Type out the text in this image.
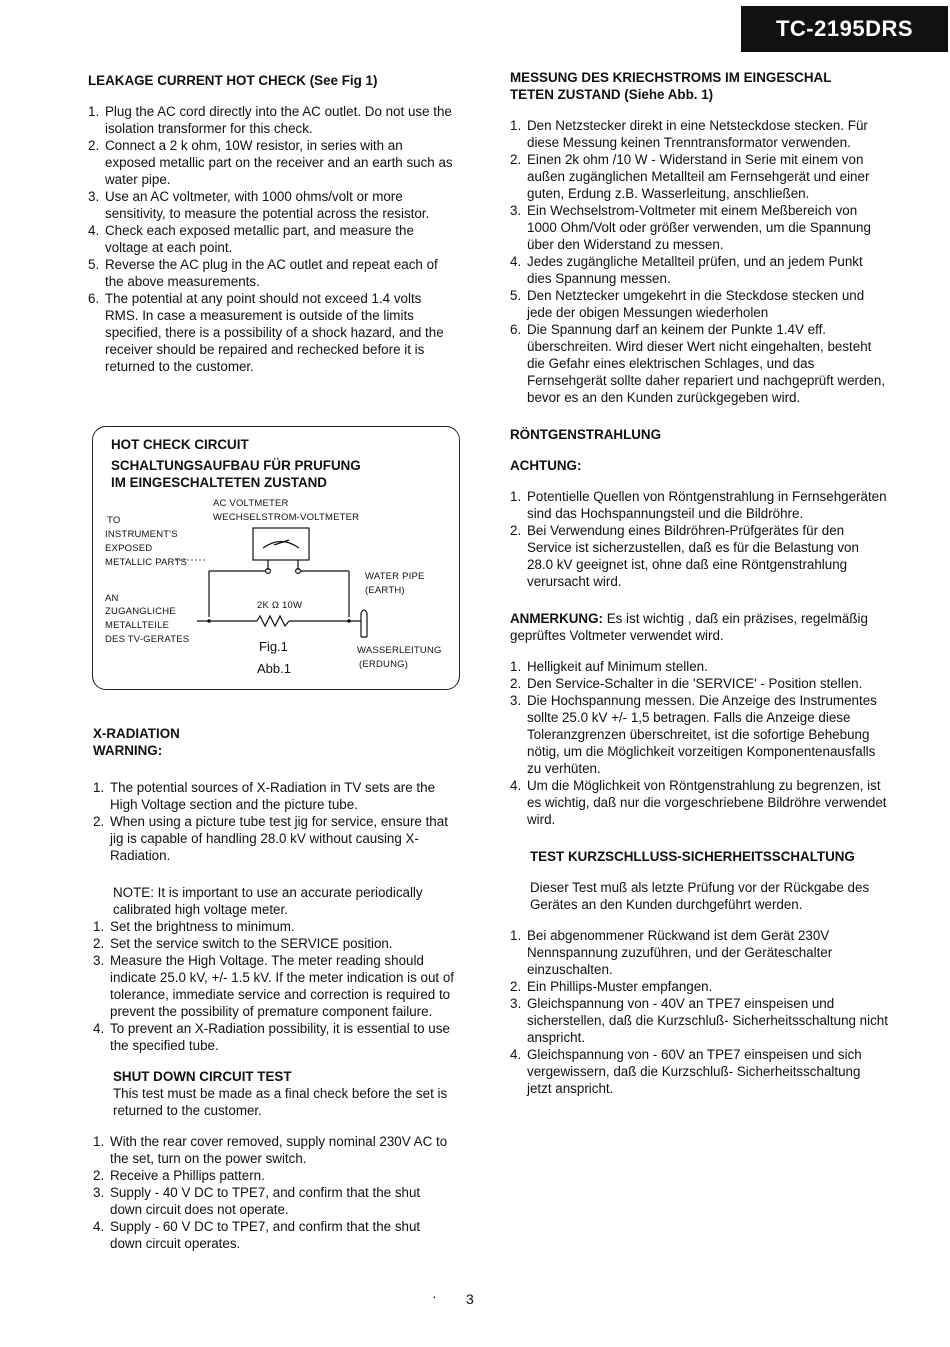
TC-2195DRS
LEAKAGE CURRENT HOT CHECK (See Fig 1)
1. Plug the AC cord directly into the AC outlet. Do not use the isolation transformer for this check.
2. Connect a 2 k ohm, 10W resistor, in series with an exposed metallic part on the receiver and an earth such as water pipe.
3. Use an AC voltmeter, with 1000 ohms/volt or more sensitivity, to measure the potential across the resistor.
4. Check each exposed metallic part, and measure the voltage at each point.
5. Reverse the AC plug in the AC outlet and repeat each of the above measurements.
6. The potential at any point should not exceed 1.4 volts RMS. In case a measurement is outside of the limits specified, there is a possibility of a shock hazard, and the receiver should be repaired and rechecked before it is returned to the customer.
HOT CHECK CIRCUIT
SCHALTUNGSAUFBAU FÜR PRUFUNG
IM EINGESCHALTETEN ZUSTAND
AC VOLTMETER
WECHSELSTROM-VOLTMETER
TO
INSTRUMENT'S
EXPOSED
METALLIC PARTS
AN
ZUGANGLICHE
METALLTEILE
DES TV-GERATES
2K Ω 10W
WATER PIPE
(EARTH)
Fig.1
Abb.1
WASSERLEITUNG
(ERDUNG)
X-RADIATION
WARNING:
1. The potential sources of X-Radiation in TV sets are the High Voltage section and the picture tube.
2. When using a picture tube test jig for service, ensure that jig is capable of handling 28.0 kV without causing X-Radiation.
NOTE: It is important to use an accurate periodically calibrated high voltage meter.
1. Set the brightness to minimum.
2. Set the service switch to the SERVICE position.
3. Measure the High Voltage. The meter reading should indicate 25.0 kV, +/- 1.5 kV. If the meter indication is out of tolerance, immediate service and correction is required to prevent the possibility of premature component failure.
4. To prevent an X-Radiation possibility, it is essential to use the specified tube.
SHUT DOWN CIRCUIT TEST
This test must be made as a final check before the set is returned to the customer.
1. With the rear cover removed, supply nominal 230V AC to the set, turn on the power switch.
2. Receive a Phillips pattern.
3. Supply - 40 V DC to TPE7, and confirm that the shut down circuit does not operate.
4. Supply - 60 V DC to TPE7, and confirm that the shut down circuit operates.
MESSUNG DES KRIECHSTROMS IM EINGESCHAL
TETEN ZUSTAND (Siehe Abb. 1)
1. Den Netzstecker direkt in eine Netsteckdose stecken. Für diese Messung keinen Trenntransformator verwenden.
2. Einen 2k ohm /10 W - Widerstand in Serie mit einem von außen zugänglichen Metallteil am Fernsehgerät und einer guten, Erdung z.B. Wasserleitung, anschließen.
3. Ein Wechselstrom-Voltmeter mit einem Meßbereich von 1000 Ohm/Volt oder größer verwenden, um die Spannung über den Widerstand zu messen.
4. Jedes zugängliche Metallteil prüfen, und an jedem Punkt dies Spannung messen.
5. Den Netztecker umgekehrt in die Steckdose stecken und jede der obigen Messungen wiederholen
6. Die Spannung darf an keinem der Punkte 1.4V eff. überschreiten. Wird dieser Wert nicht eingehalten, besteht die Gefahr eines elektrischen Schlages, und das Fernsehgerät sollte daher repariert und nachgeprüft werden, bevor es an den Kunden zurückgegeben wird.
RÖNTGENSTRAHLUNG
ACHTUNG:
1. Potentielle Quellen von Röntgenstrahlung in Fernsehgeräten sind das Hochspannungsteil und die Bildröhre.
2. Bei Verwendung eines Bildröhren-Prüfgerätes für den Service ist sicherzustellen, daß es für die Belastung von 28.0 kV geeignet ist, ohne daß eine Röntgenstrahlung verursacht wird.
ANMERKUNG: Es ist wichtig , daß ein präzises, regelmäßig geprüftes Voltmeter verwendet wird.
1. Helligkeit auf Minimum stellen.
2. Den Service-Schalter in die 'SERVICE' - Position stellen.
3. Die Hochspannung messen. Die Anzeige des Instrumentes sollte 25.0 kV +/- 1,5 betragen. Falls die Anzeige diese Toleranzgrenzen überschreitet, ist die sofortige Behebung nötig, um die Möglichkeit vorzeitigen Komponentenausfalls zu verhüten.
4. Um die Möglichkeit von Röntgenstrahlung zu begrenzen, ist es wichtig, daß nur die vorgeschriebene Bildröhre verwendet wird.
TEST KURZSCHLLUSS-SICHERHEITSSCHALTUNG
Dieser Test muß als letzte Prüfung vor der Rückgabe des Gerätes an den Kunden durchgeführt werden.
1. Bei abgenommener Rückwand ist dem Gerät 230V Nennspannung zuzuführen, und der Geräteschalter einzuschalten.
2. Ein Phillips-Muster empfangen.
3. Gleichspannung von - 40V an TPE7 einspeisen und sicherstellen, daß die Kurzschluß- Sicherheitsschaltung nicht anspricht.
4. Gleichspannung von - 60V an TPE7 einspeisen und sich vergewissern, daß die Kurzschluß- Sicherheitsschaltung jetzt anspricht.
· 3
